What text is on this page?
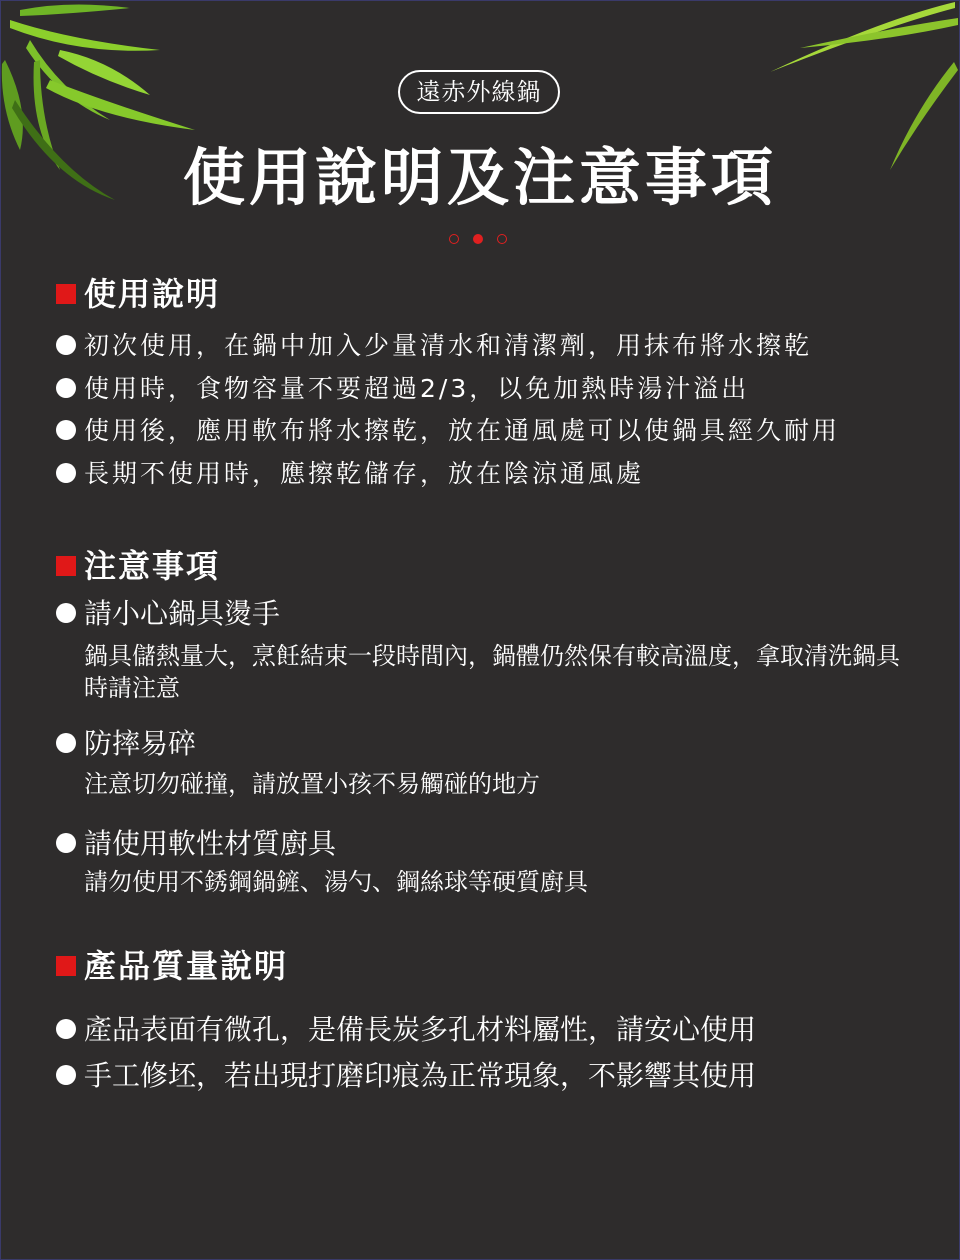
遠赤外線鍋
使用說明及注意事項
使用說明
初次使用，在鍋中加入少量清水和清潔劑，用抹布將水擦乾
使用時，食物容量不要超過2/3，以免加熱時湯汁溢出
使用後，應用軟布將水擦乾，放在通風處可以使鍋具經久耐用
長期不使用時，應擦乾儲存，放在陰涼通風處
注意事項
請小心鍋具燙手
鍋具儲熱量大，烹飪結束一段時間內，鍋體仍然保有較高溫度，拿取清洗鍋具時請注意
防摔易碎
注意切勿碰撞，請放置小孩不易觸碰的地方
請使用軟性材質廚具
請勿使用不銹鋼鍋鏟、湯勺、鋼絲球等硬質廚具
產品質量說明
產品表面有微孔，是備長炭多孔材料屬性，請安心使用
手工修坯，若出現打磨印痕為正常現象，不影響其使用
